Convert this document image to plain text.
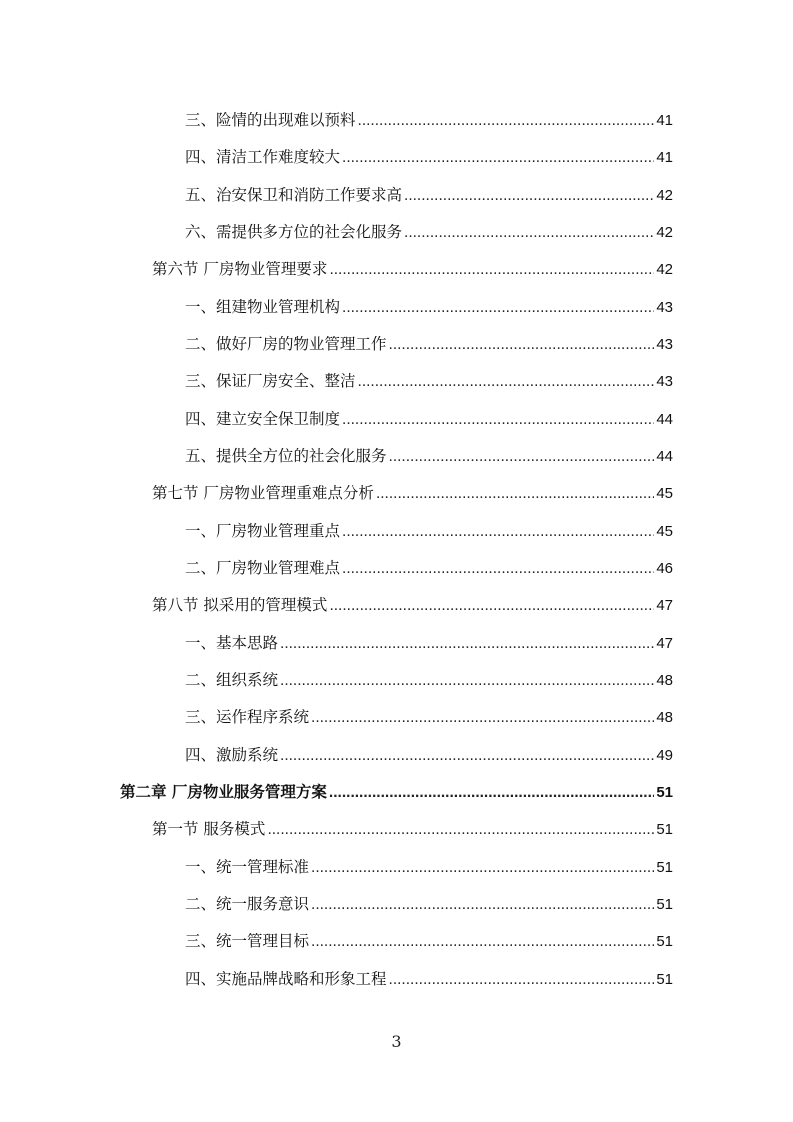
三、险情的出现难以预料 .....	41
四、清洁工作难度较大 .....	41
五、治安保卫和消防工作要求高 .....	42
六、需提供多方位的社会化服务 .....	42
第六节 厂房物业管理要求 .....	42
一、组建物业管理机构 .....	43
二、做好厂房的物业管理工作 .....	43
三、保证厂房安全、整洁 .....	43
四、建立安全保卫制度 .....	44
五、提供全方位的社会化服务 .....	44
第七节 厂房物业管理重难点分析 .....	45
一、厂房物业管理重点 .....	45
二、厂房物业管理难点 .....	46
第八节 拟采用的管理模式 .....	47
一、基本思路 .....	47
二、组织系统 .....	48
三、运作程序系统 .....	48
四、激励系统 .....	49
第二章 厂房物业服务管理方案 .....	51
第一节 服务模式 .....	51
一、统一管理标准 .....	51
二、统一服务意识 .....	51
三、统一管理目标 .....	51
四、实施品牌战略和形象工程 .....	51
3
